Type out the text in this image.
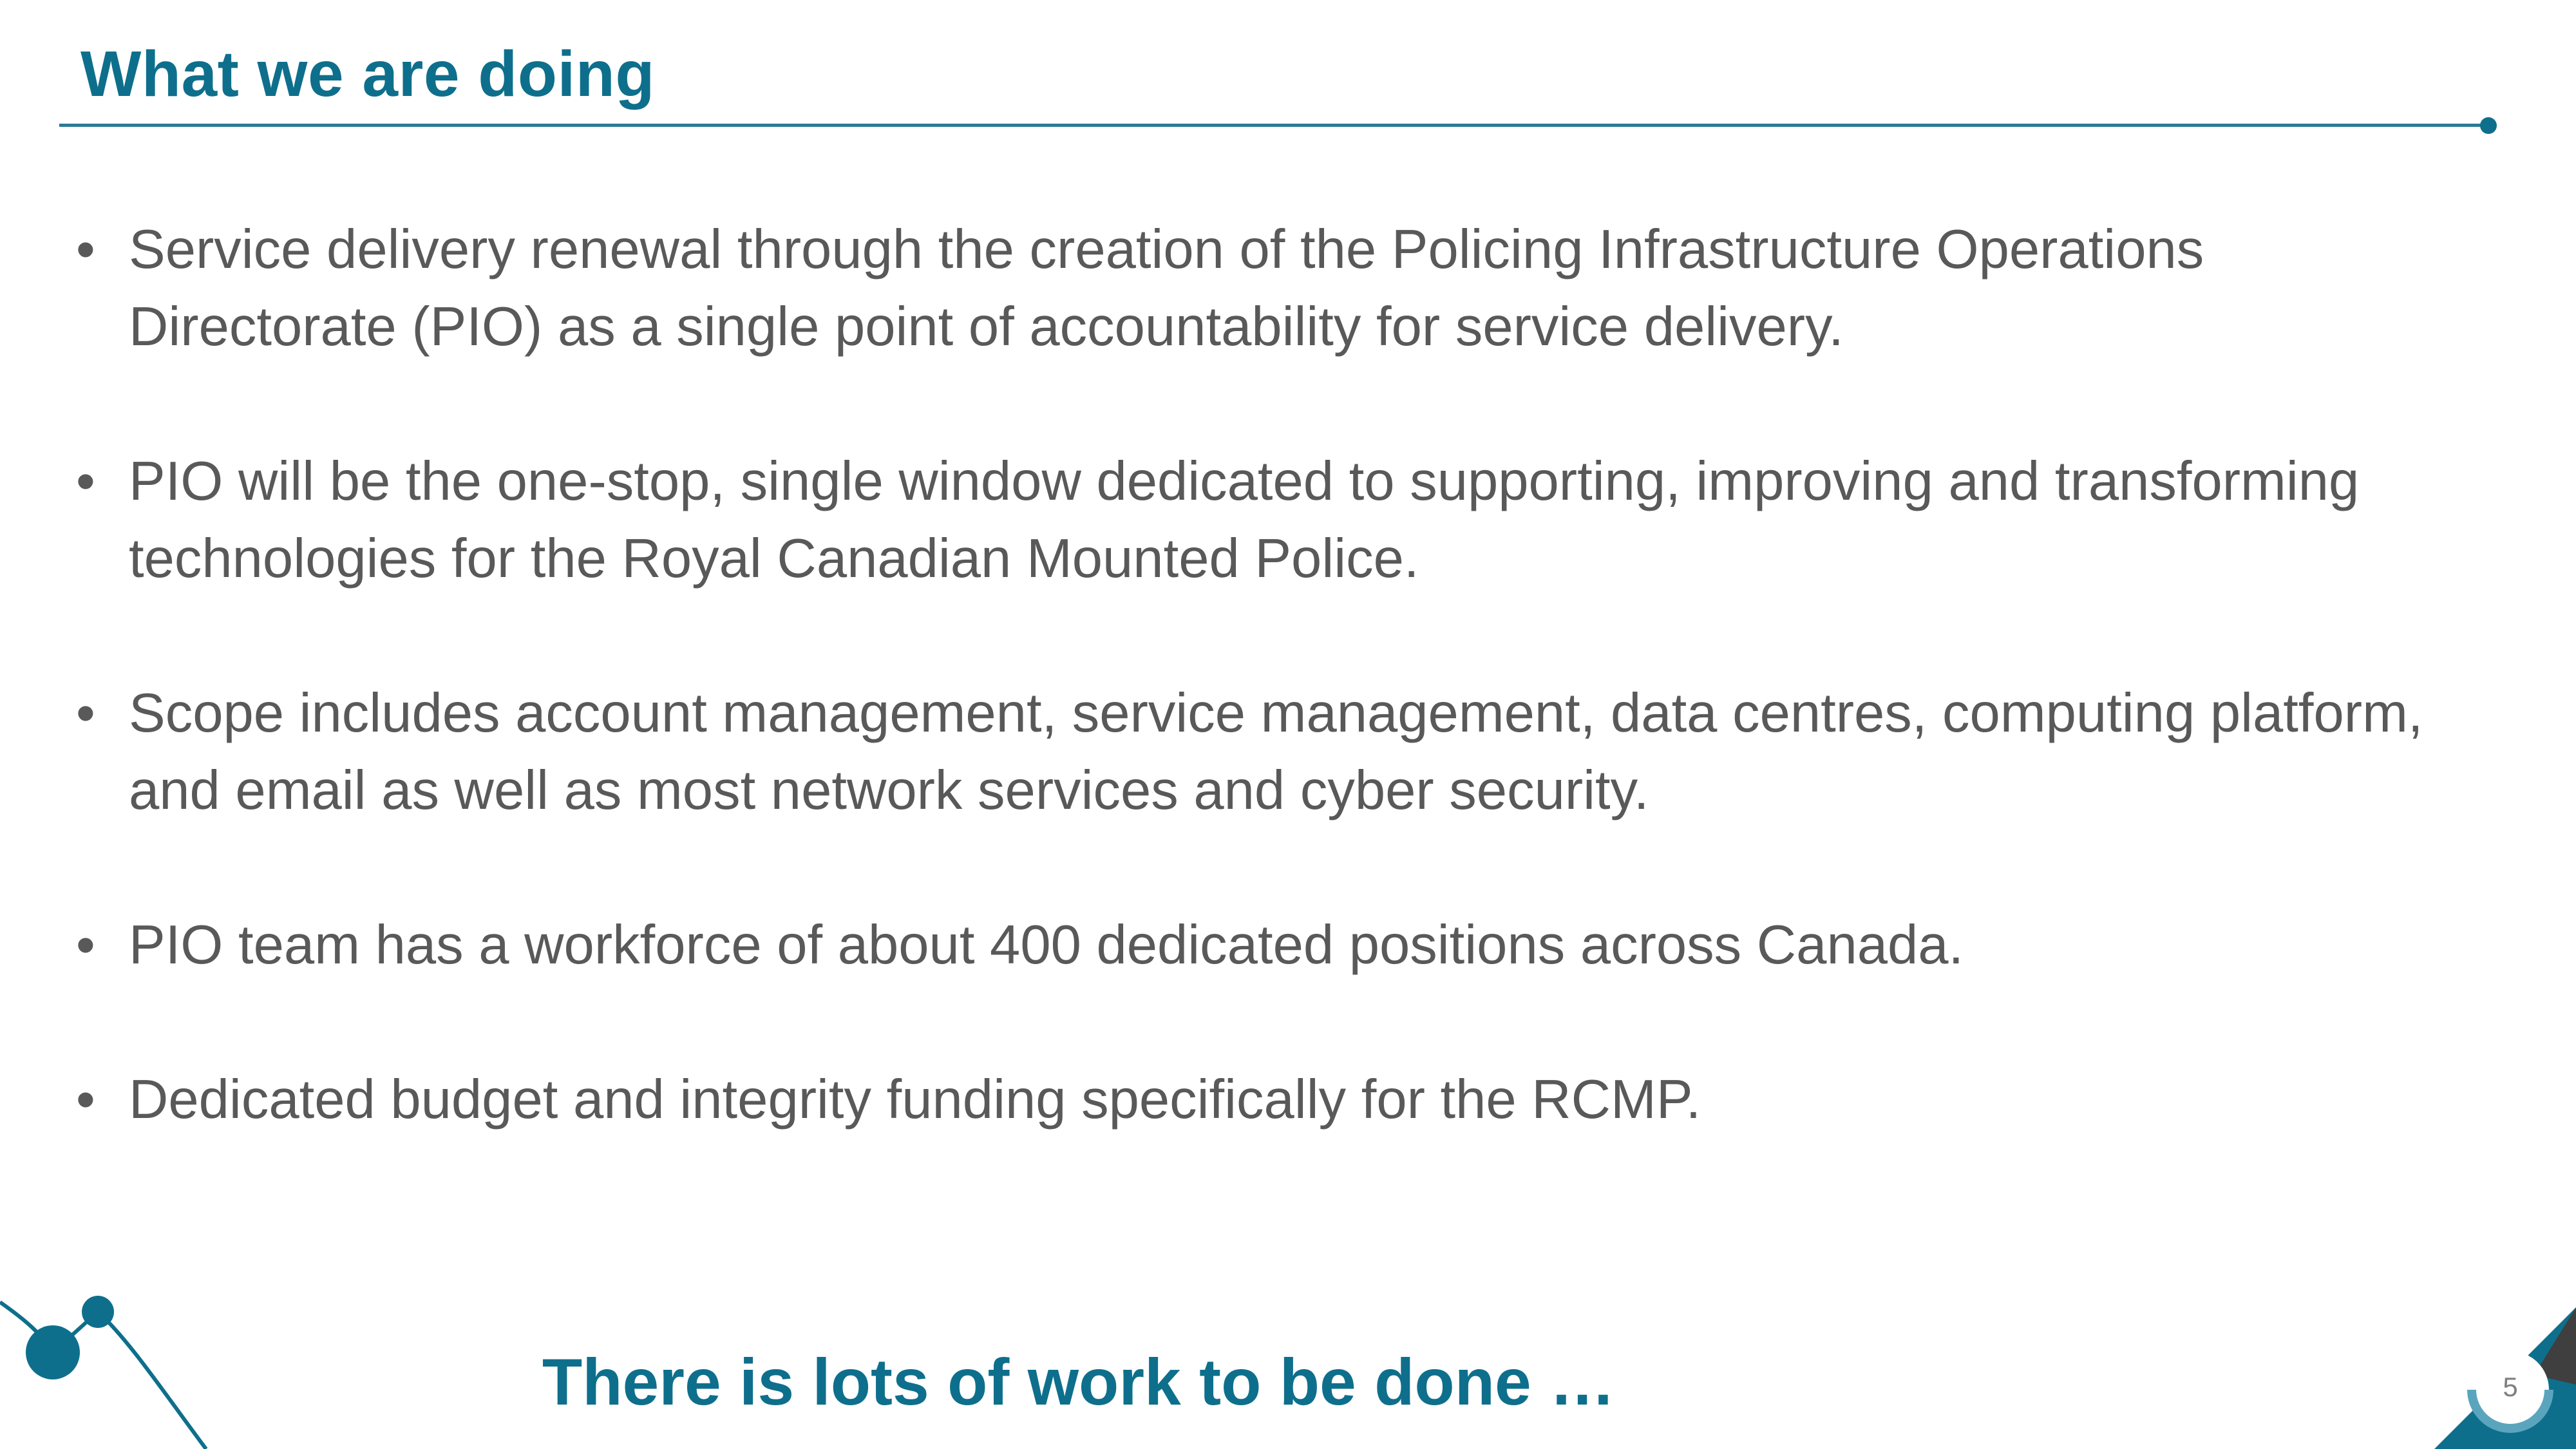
What we are doing
• Service delivery renewal through the creation of the Policing Infrastructure Operations Directorate (PIO) as a single point of accountability for service delivery.
• PIO will be the one-stop, single window dedicated to supporting, improving and transforming technologies for the Royal Canadian Mounted Police.
• Scope includes account management, service management, data centres, computing platform, and email as well as most network services and cyber security.
• PIO team has a workforce of about 400 dedicated positions across Canada.
• Dedicated budget and integrity funding specifically for the RCMP.

There is lots of work to be done …	5
